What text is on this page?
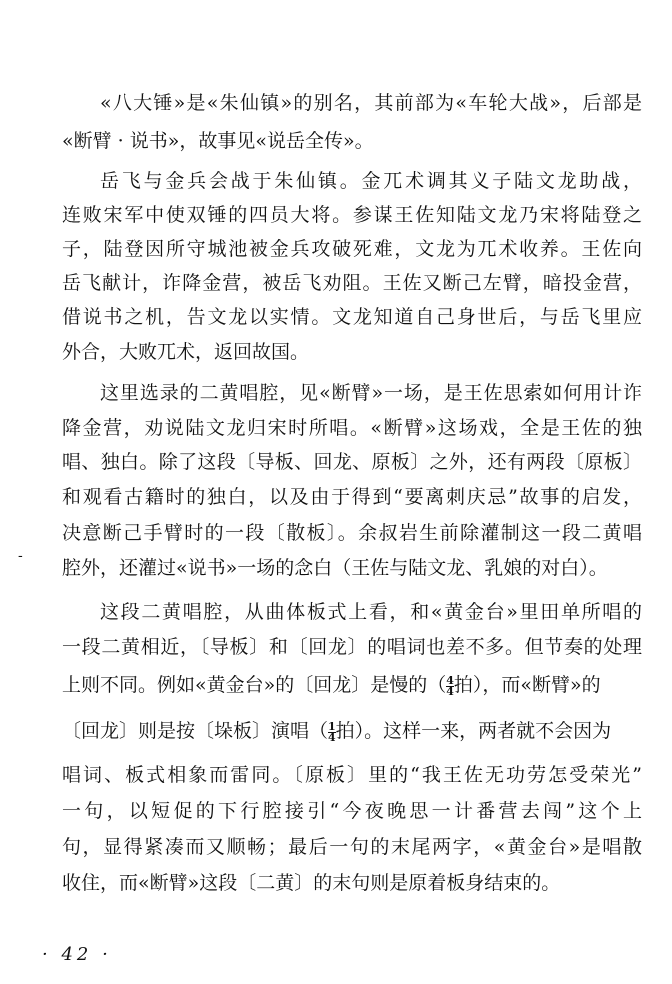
«八大锤»是«朱仙镇»的别名，其前部为«车轮大战»，后部是
«断臂 · 说书»，故事见«说岳全传»。
岳飞与金兵会战于朱仙镇。金兀术调其义子陆文龙助战，
连败宋军中使双锤的四员大将。参谋王佐知陆文龙乃宋将陆登之
子，陆登因所守城池被金兵攻破死难，文龙为兀术收养。王佐向
岳飞献计，诈降金营，被岳飞劝阻。王佐又断己左臂，暗投金营，
借说书之机，告文龙以实情。文龙知道自己身世后，与岳飞里应
外合，大败兀术，返回故国。
这里选录的二黄唱腔，见«断臂»一场，是王佐思索如何用计诈
降金营，劝说陆文龙归宋时所唱。«断臂»这场戏，全是王佐的独
唱、独白。除了这段〔导板、回龙、原板〕之外，还有两段〔原板〕
和观看古籍时的独白，以及由于得到“要离刺庆忌”故事的启发，
决意断己手臂时的一段〔散板〕。余叔岩生前除灌制这一段二黄唱
腔外，还灌过«说书»一场的念白（王佐与陆文龙、乳娘的对白）。
这段二黄唱腔，从曲体板式上看，和«黄金台»里田单所唱的
一段二黄相近，〔导板〕和〔回龙〕的唱词也差不多。但节奏的处理
上则不同。例如«黄金台»的〔回龙〕是慢的（ $\frac{4}{4}$ 拍），而«断臂»的
〔回龙〕则是按〔垛板〕演唱（ $\frac{1}{4}$ 拍）。这样一来，两者就不会因为
唱词、板式相象而雷同。〔原板〕里的“我王佐无功劳怎受荣光”
一句，以短促的下行腔接引“今夜晚思一计番营去闯”这个上
句，显得紧凑而又顺畅；最后一句的末尾两字，«黄金台»是唱散
收住，而«断臂»这段〔二黄〕的末句则是原着板身结束的。
-
· 42 ·
